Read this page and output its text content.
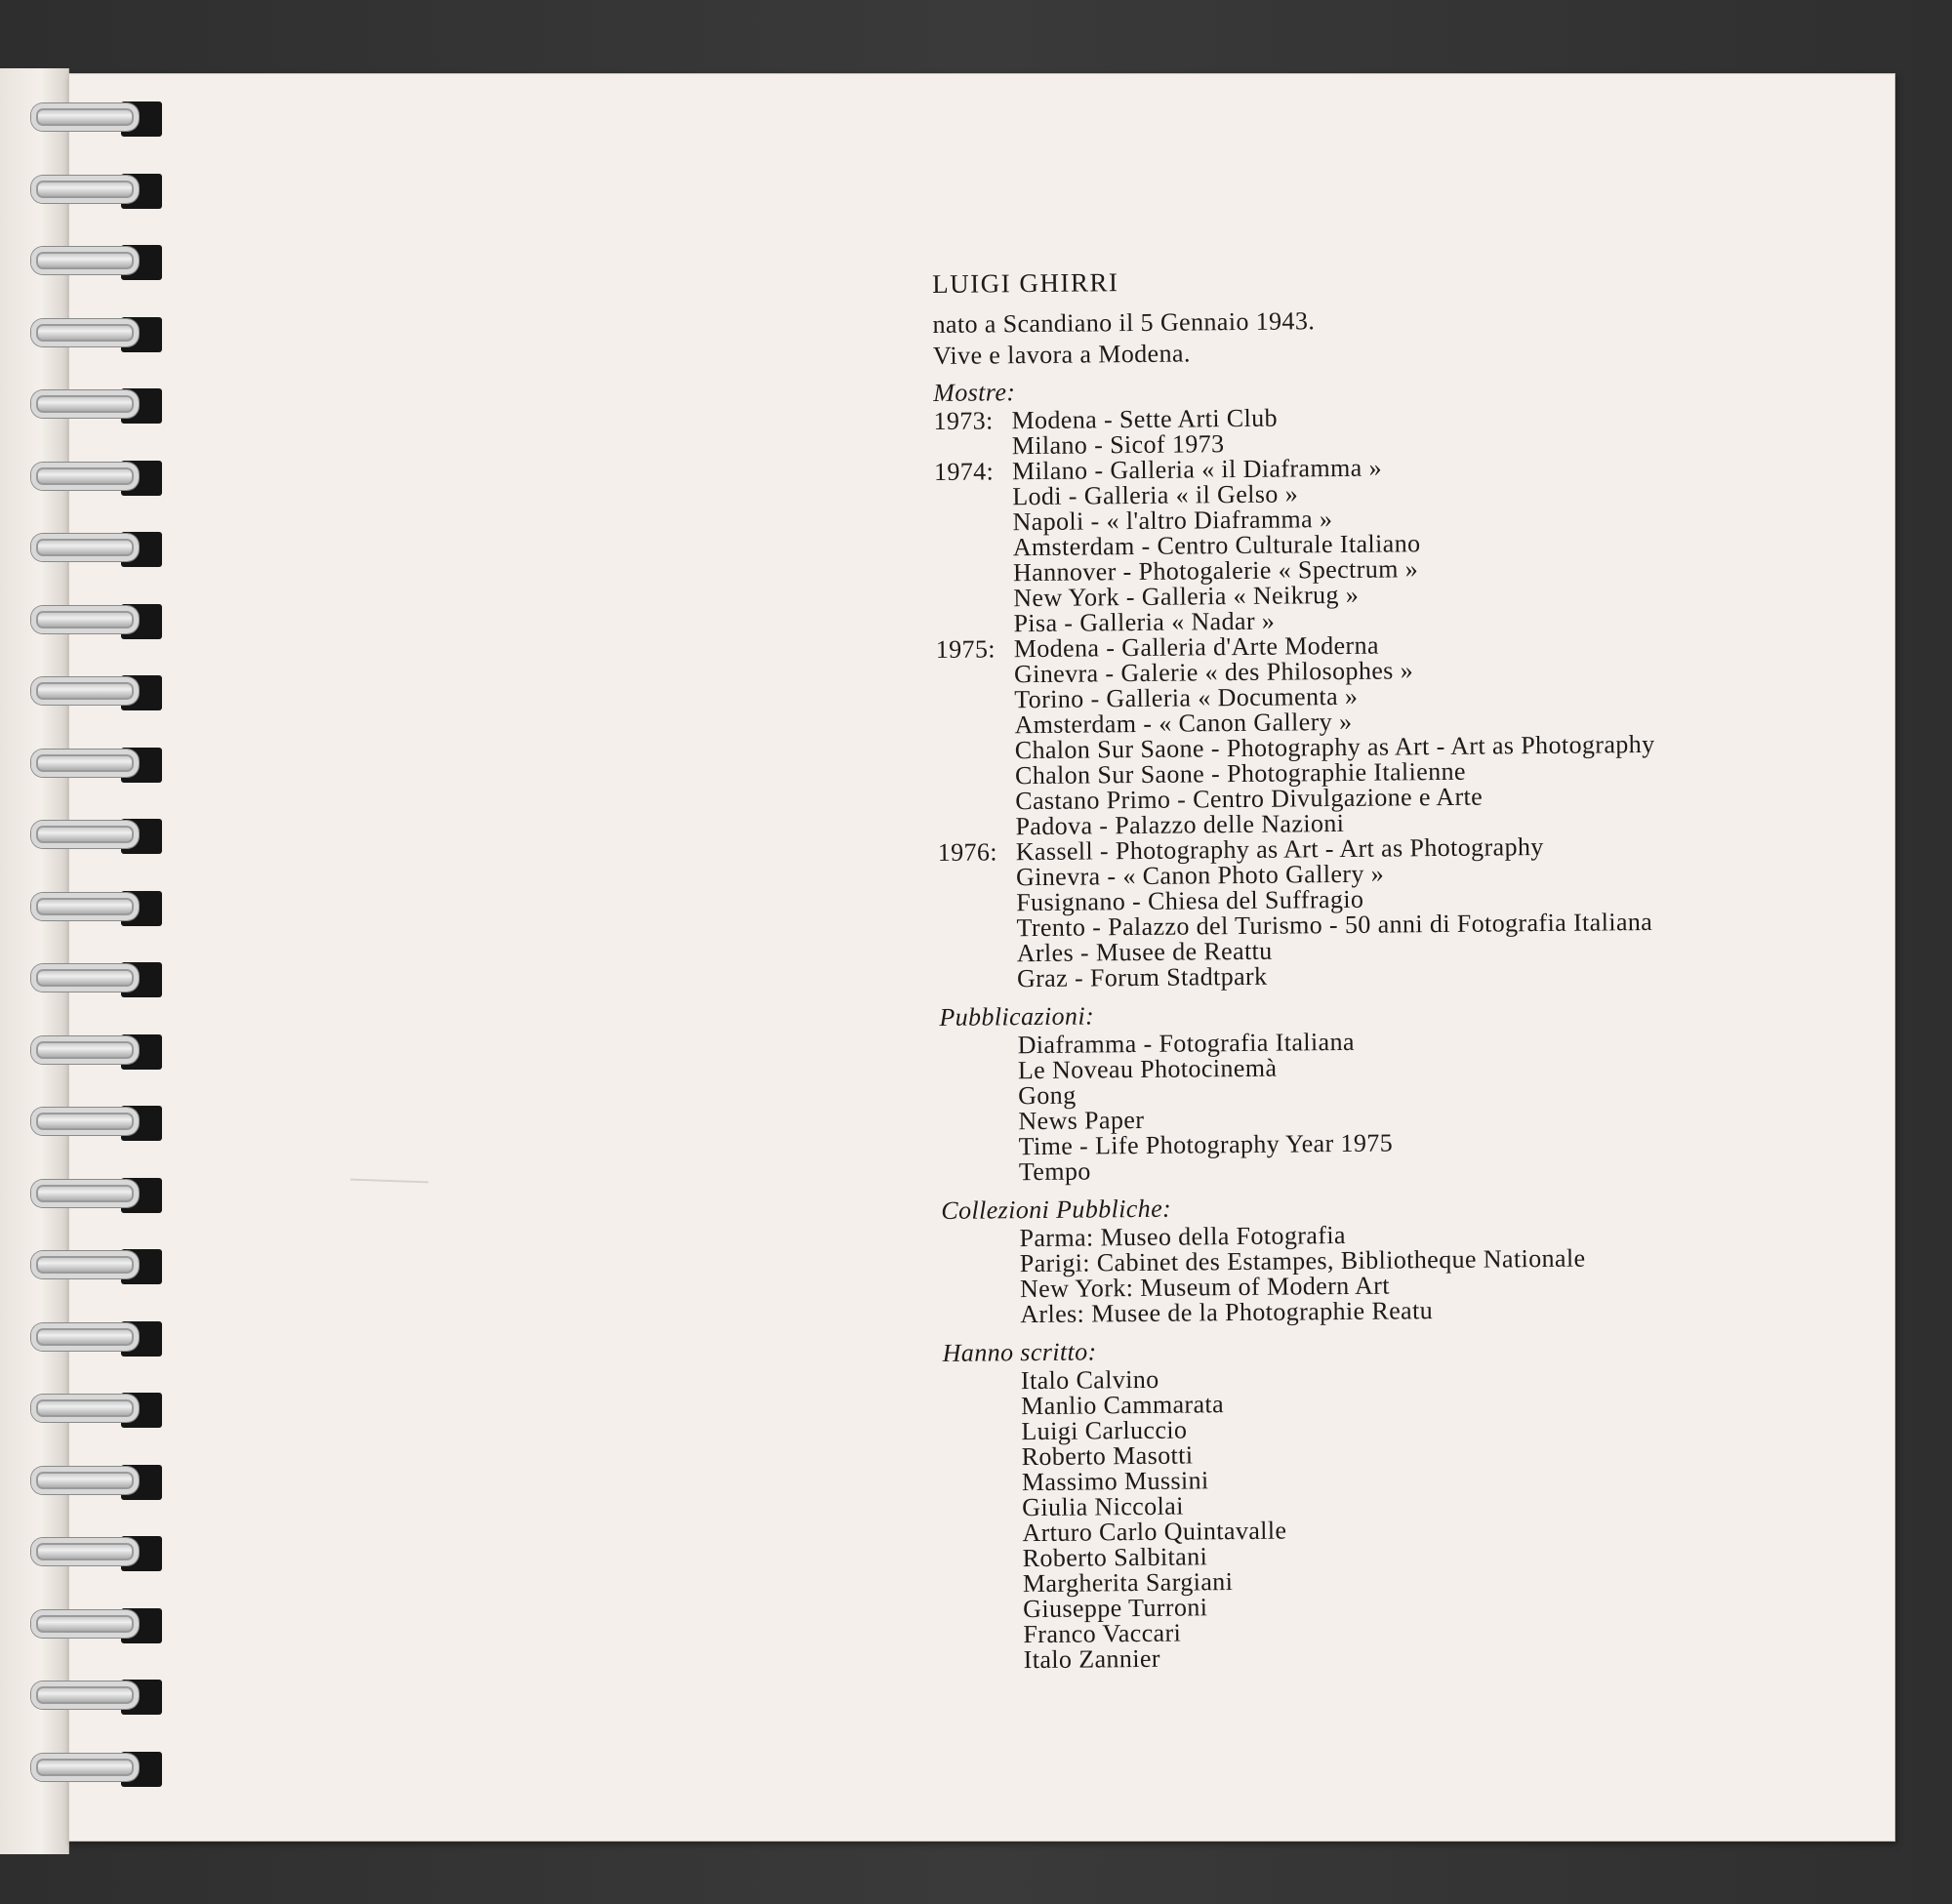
LUIGI GHIRRI
nato a Scandiano il 5 Gennaio 1943.
Vive e lavora a Modena.
Mostre:
1973: Modena - Sette Arti Club
Milano - Sicof 1973
1974: Milano - Galleria « il Diaframma »
Lodi - Galleria « il Gelso »
Napoli - « l'altro Diaframma »
Amsterdam - Centro Culturale Italiano
Hannover - Photogalerie « Spectrum »
New York - Galleria « Neikrug »
Pisa - Galleria « Nadar »
1975: Modena - Galleria d'Arte Moderna
Ginevra - Galerie « des Philosophes »
Torino - Galleria « Documenta »
Amsterdam - « Canon Gallery »
Chalon Sur Saone - Photography as Art - Art as Photography
Chalon Sur Saone - Photographie Italienne
Castano Primo - Centro Divulgazione e Arte
Padova - Palazzo delle Nazioni
1976: Kassell - Photography as Art - Art as Photography
Ginevra - « Canon Photo Gallery »
Fusignano - Chiesa del Suffragio
Trento - Palazzo del Turismo - 50 anni di Fotografia Italiana
Arles - Musee de Reattu
Graz - Forum Stadtpark
Pubblicazioni:
Diaframma - Fotografia Italiana
Le Noveau Photocinemà
Gong
News Paper
Time - Life Photography Year 1975
Tempo
Collezioni Pubbliche:
Parma: Museo della Fotografia
Parigi: Cabinet des Estampes, Bibliotheque Nationale
New York: Museum of Modern Art
Arles: Musee de la Photographie Reatu
Hanno scritto:
Italo Calvino
Manlio Cammarata
Luigi Carluccio
Roberto Masotti
Massimo Mussini
Giulia Niccolai
Arturo Carlo Quintavalle
Roberto Salbitani
Margherita Sargiani
Giuseppe Turroni
Franco Vaccari
Italo Zannier
